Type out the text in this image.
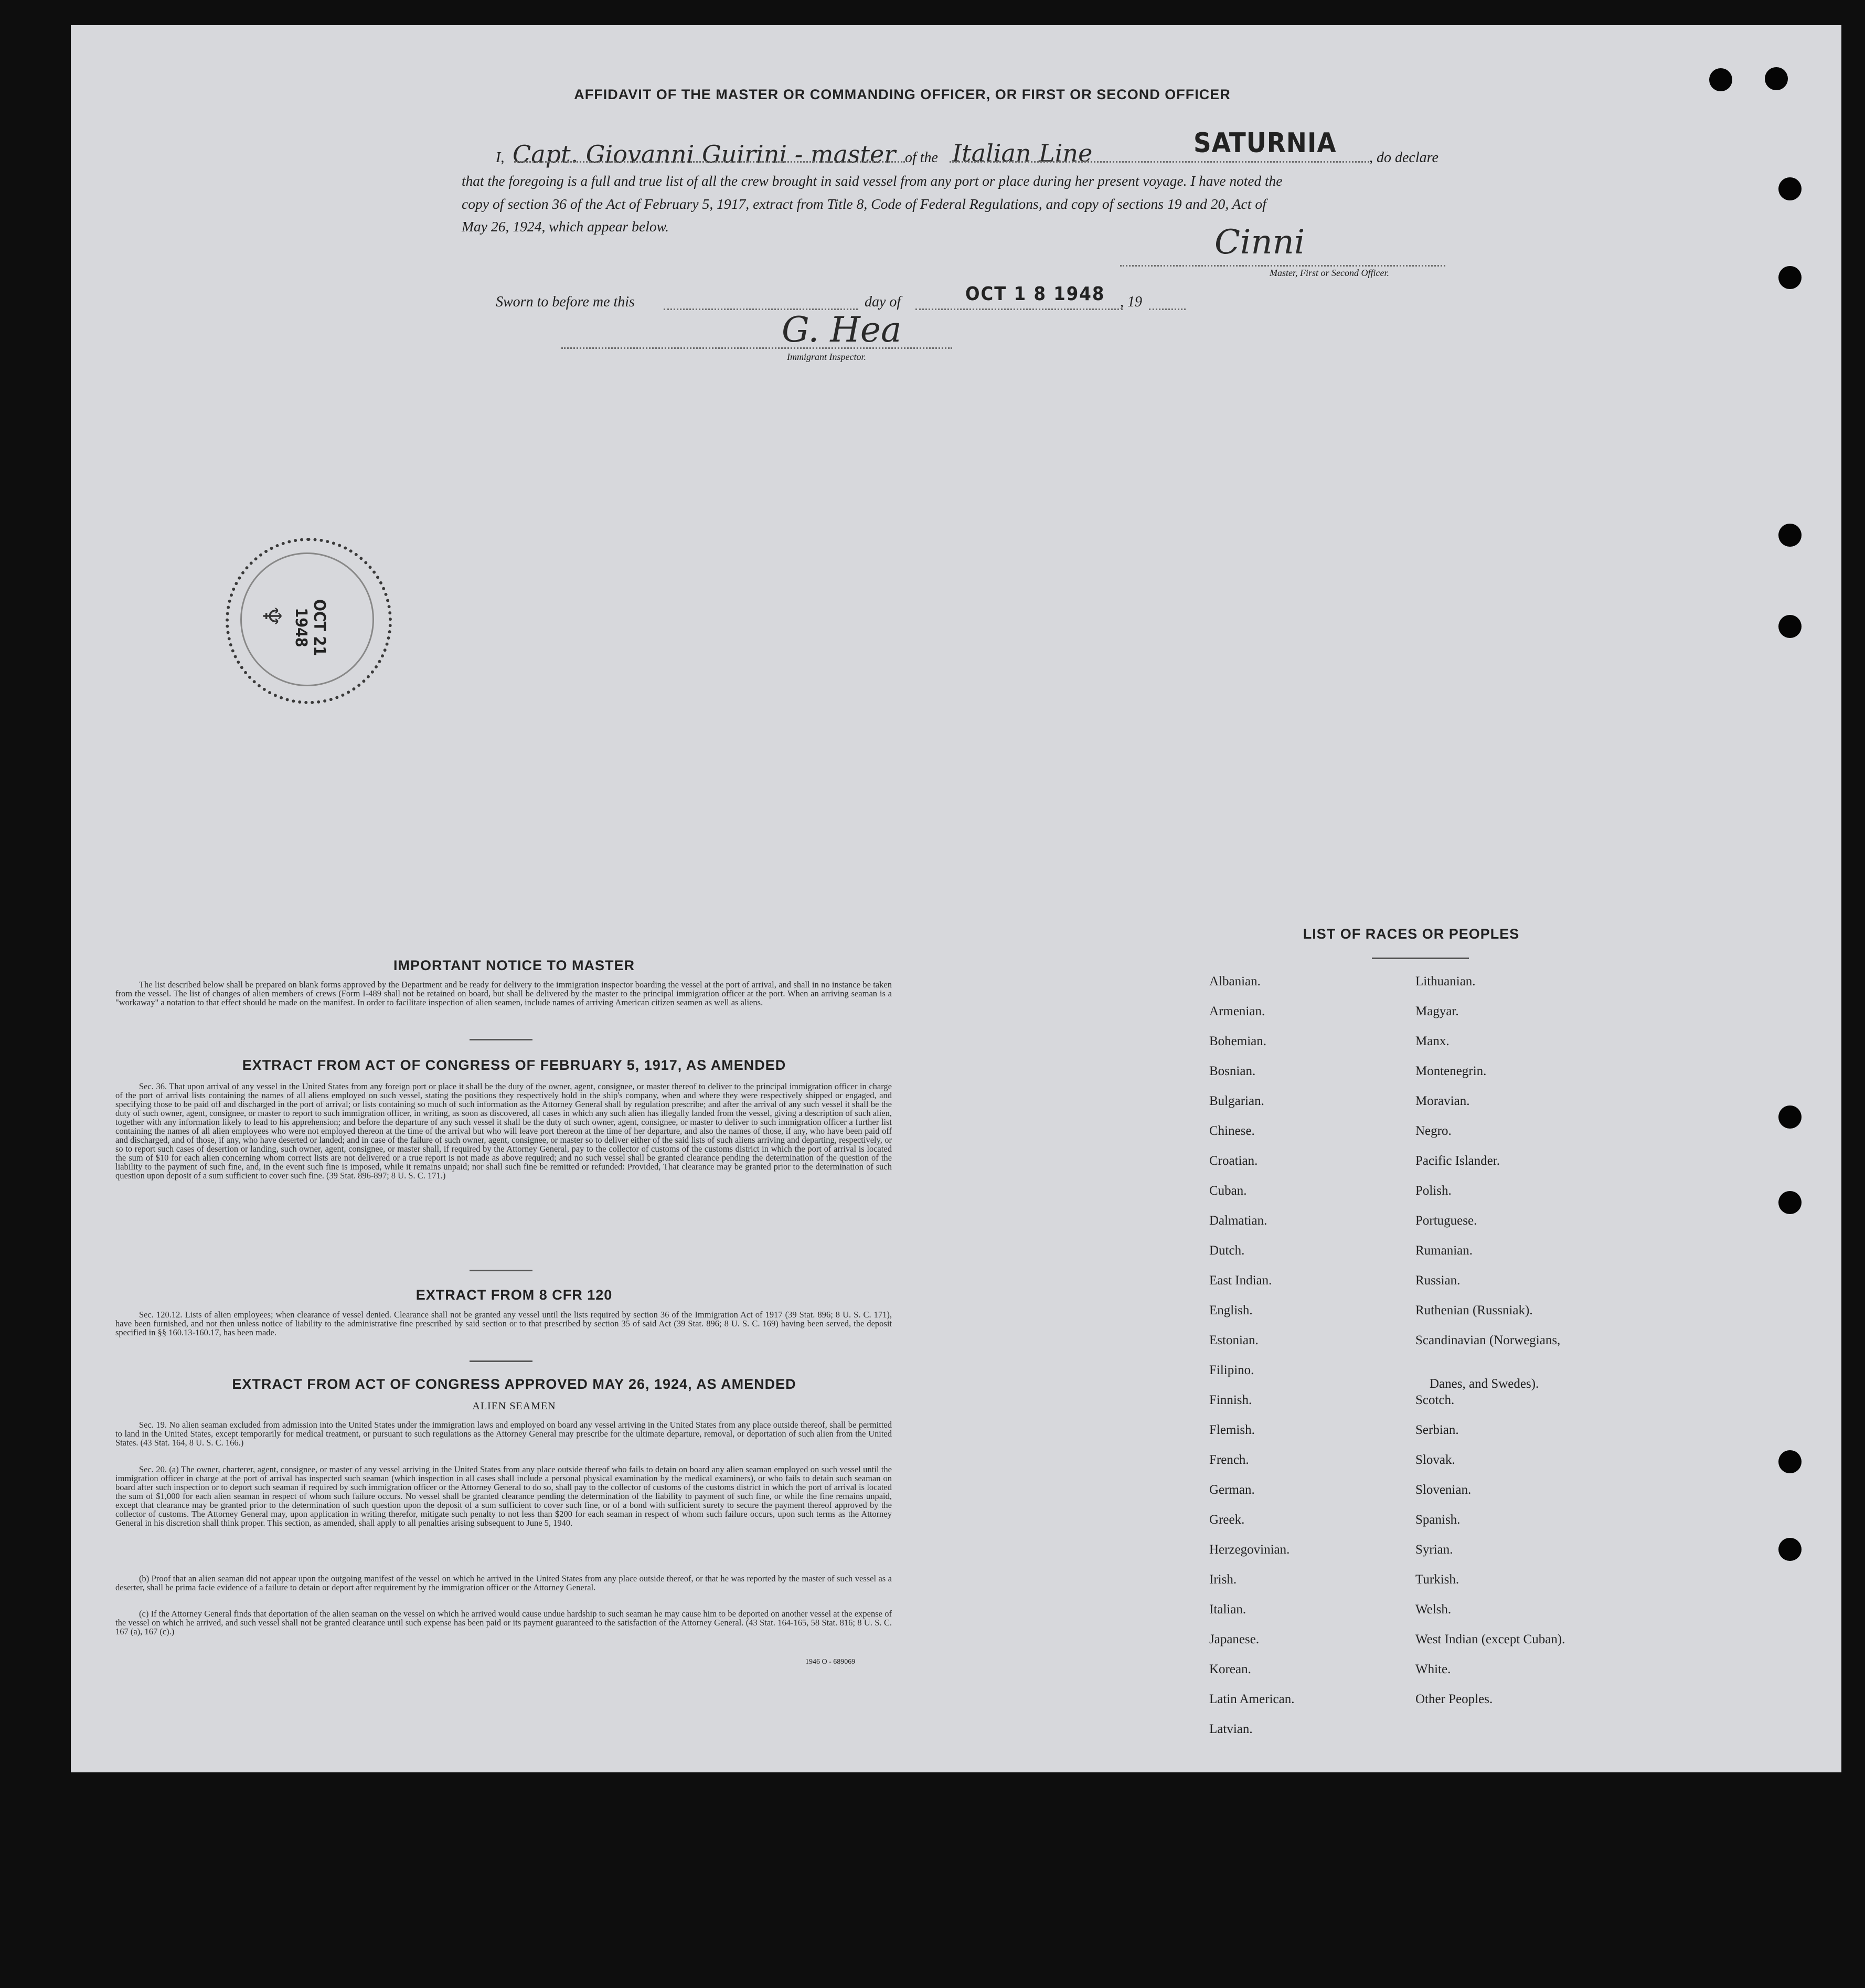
AFFIDAVIT OF THE MASTER OR COMMANDING OFFICER, OR FIRST OR SECOND OFFICER
I, Capt. Giovanni Guirini - master of the Italian Line	SATURNIA , do declare
that the foregoing is a full and true list of all the crew brought in said vessel from any port or place during her present voyage. I have noted the
copy of section 36 of the Act of February 5, 1917, extract from Title 8, Code of Federal Regulations, and copy of sections 19 and 20, Act of
May 26, 1924, which appear below.	Cinni
Master, First or Second Officer.
Sworn to before me this	day of	OCT 1 8 1948 , 19
G. Hea
Immigrant Inspector.
OCT 21 1948
♆
IMPORTANT NOTICE TO MASTER
The list described below shall be prepared on blank forms approved by the Department and be ready for delivery to the immigration inspector boarding the vessel at the port of arrival, and shall in no instance be taken from the vessel. The list of changes of alien members of crews (Form I-489 shall not be retained on board, but shall be delivered by the master to the principal immigration officer at the port. When an arriving seaman is a "workaway" a notation to that effect should be made on the manifest. In order to facilitate inspection of alien seamen, include names of arriving American citizen seamen as well as aliens.
EXTRACT FROM ACT OF CONGRESS OF FEBRUARY 5, 1917, AS AMENDED
Sec. 36. That upon arrival of any vessel in the United States from any foreign port or place it shall be the duty of the owner, agent, consignee, or master thereof to deliver to the principal immigration officer in charge of the port of arrival lists containing the names of all aliens employed on such vessel, stating the positions they respectively hold in the ship's company, when and where they were respectively shipped or engaged, and specifying those to be paid off and discharged in the port of arrival; or lists containing so much of such information as the Attorney General shall by regulation prescribe; and after the arrival of any such vessel it shall be the duty of such owner, agent, consignee, or master to report to such immigration officer, in writing, as soon as discovered, all cases in which any such alien has illegally landed from the vessel, giving a description of such alien, together with any information likely to lead to his apprehension; and before the departure of any such vessel it shall be the duty of such owner, agent, consignee, or master to deliver to such immigration officer a further list containing the names of all alien employees who were not employed thereon at the time of the arrival but who will leave port thereon at the time of her departure, and also the names of those, if any, who have been paid off and discharged, and of those, if any, who have deserted or landed; and in case of the failure of such owner, agent, consignee, or master so to deliver either of the said lists of such aliens arriving and departing, respectively, or so to report such cases of desertion or landing, such owner, agent, consignee, or master shall, if required by the Attorney General, pay to the collector of customs of the customs district in which the port of arrival is located the sum of $10 for each alien concerning whom correct lists are not delivered or a true report is not made as above required; and no such vessel shall be granted clearance pending the determination of the question of the liability to the payment of such fine, and, in the event such fine is imposed, while it remains unpaid; nor shall such fine be remitted or refunded: Provided, That clearance may be granted prior to the determination of such question upon deposit of a sum sufficient to cover such fine. (39 Stat. 896-897; 8 U. S. C. 171.)
EXTRACT FROM 8 CFR 120
Sec. 120.12. Lists of alien employees; when clearance of vessel denied. Clearance shall not be granted any vessel until the lists required by section 36 of the Immigration Act of 1917 (39 Stat. 896; 8 U. S. C. 171), have been furnished, and not then unless notice of liability to the administrative fine prescribed by said section or to that prescribed by section 35 of said Act (39 Stat. 896; 8 U. S. C. 169) having been served, the deposit specified in §§ 160.13-160.17, has been made.
EXTRACT FROM ACT OF CONGRESS APPROVED MAY 26, 1924, AS AMENDED
ALIEN SEAMEN
Sec. 19. No alien seaman excluded from admission into the United States under the immigration laws and employed on board any vessel arriving in the United States from any place outside thereof, shall be permitted to land in the United States, except temporarily for medical treatment, or pursuant to such regulations as the Attorney General may prescribe for the ultimate departure, removal, or deportation of such alien from the United States. (43 Stat. 164, 8 U. S. C. 166.)
Sec. 20. (a) The owner, charterer, agent, consignee, or master of any vessel arriving in the United States from any place outside thereof who fails to detain on board any alien seaman employed on such vessel until the immigration officer in charge at the port of arrival has inspected such seaman (which inspection in all cases shall include a personal physical examination by the medical examiners), or who fails to detain such seaman on board after such inspection or to deport such seaman if required by such immigration officer or the Attorney General to do so, shall pay to the collector of customs of the customs district in which the port of arrival is located the sum of $1,000 for each alien seaman in respect of whom such failure occurs. No vessel shall be granted clearance pending the determination of the liability to payment of such fine, or while the fine remains unpaid, except that clearance may be granted prior to the determination of such question upon the deposit of a sum sufficient to cover such fine, or of a bond with sufficient surety to secure the payment thereof approved by the collector of customs. The Attorney General may, upon application in writing therefor, mitigate such penalty to not less than $200 for each seaman in respect of whom such failure occurs, upon such terms as the Attorney General in his discretion shall think proper. This section, as amended, shall apply to all penalties arising subsequent to June 5, 1940.
(b) Proof that an alien seaman did not appear upon the outgoing manifest of the vessel on which he arrived in the United States from any place outside thereof, or that he was reported by the master of such vessel as a deserter, shall be prima facie evidence of a failure to detain or deport after requirement by the immigration officer or the Attorney General.
(c) If the Attorney General finds that deportation of the alien seaman on the vessel on which he arrived would cause undue hardship to such seaman he may cause him to be deported on another vessel at the expense of the vessel on which he arrived, and such vessel shall not be granted clearance until such expense has been paid or its payment guaranteed to the satisfaction of the Attorney General. (43 Stat. 164-165, 58 Stat. 816; 8 U. S. C. 167 (a), 167 (c).)
1946 O - 689069
LIST OF RACES OR PEOPLES
Albanian.
Armenian.
Bohemian.
Bosnian.
Bulgarian.
Chinese.
Croatian.
Cuban.
Dalmatian.
Dutch.
East Indian.
English.
Estonian.
Filipino.
Finnish.
Flemish.
French.
German.
Greek.
Herzegovinian.
Irish.
Italian.
Japanese.
Korean.
Latin American.
Latvian.
Lithuanian.
Magyar.
Manx.
Montenegrin.
Moravian.
Negro.
Pacific Islander.
Polish.
Portuguese.
Rumanian.
Russian.
Ruthenian (Russniak).
Scandinavian (Norwegians,
Danes, and Swedes).
Scotch.
Serbian.
Slovak.
Slovenian.
Spanish.
Syrian.
Turkish.
Welsh.
West Indian (except Cuban).
White.
Other Peoples.
